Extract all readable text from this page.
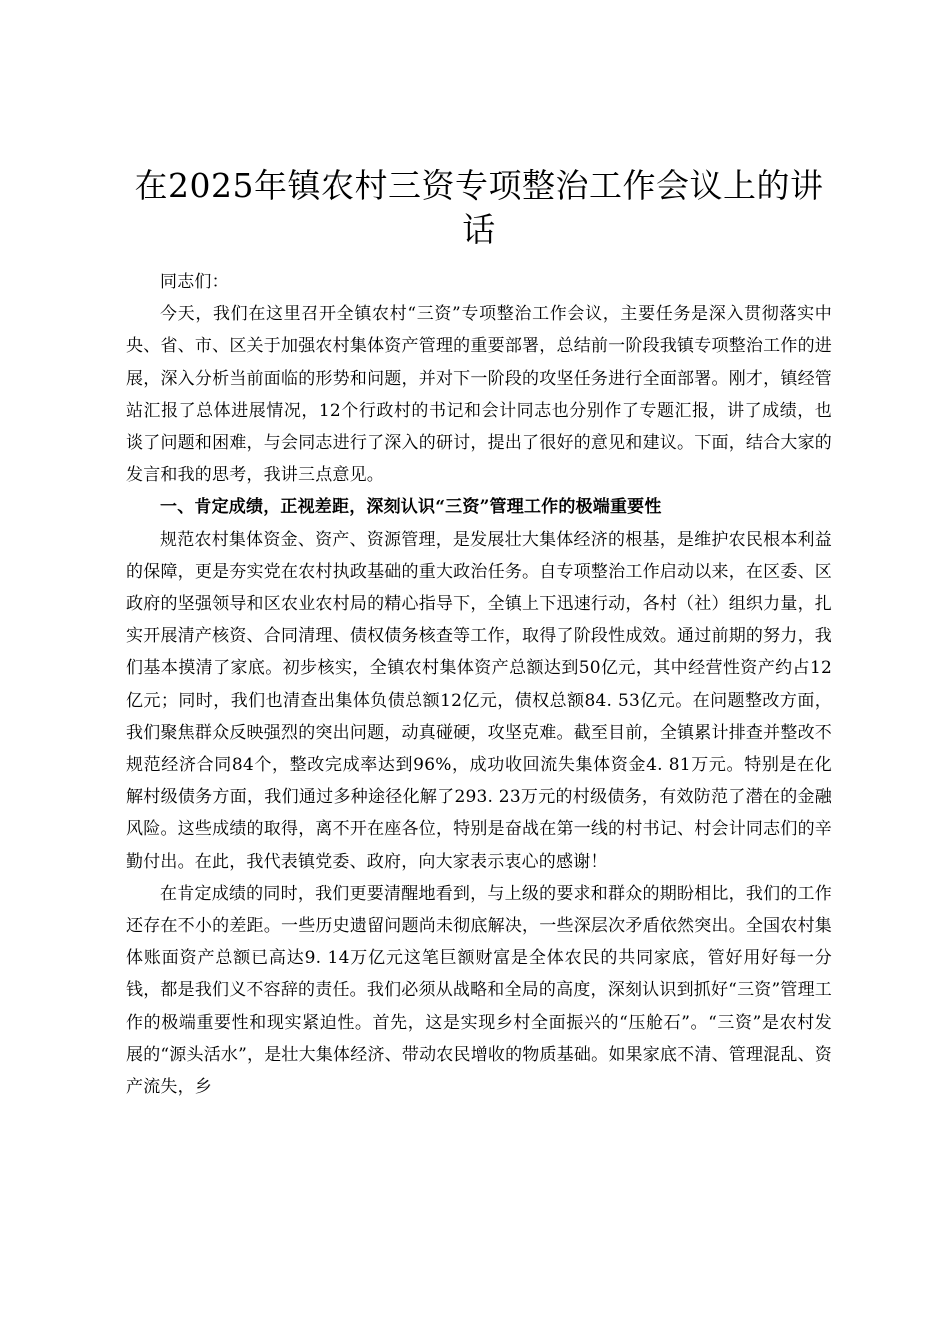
在2025年镇农村三资专项整治工作会议上的讲话

同志们：

今天，我们在这里召开全镇农村“三资”专项整治工作会议，主要任务是深入贯彻落实中央、省、市、区关于加强农村集体资产管理的重要部署，总结前一阶段我镇专项整治工作的进展，深入分析当前面临的形势和问题，并对下一阶段的攻坚任务进行全面部署。刚才，镇经管站汇报了总体进展情况，12个行政村的书记和会计同志也分别作了专题汇报，讲了成绩，也谈了问题和困难，与会同志进行了深入的研讨，提出了很好的意见和建议。下面，结合大家的发言和我的思考，我讲三点意见。

一、肯定成绩，正视差距，深刻认识“三资”管理工作的极端重要性

规范农村集体资金、资产、资源管理，是发展壮大集体经济的根基，是维护农民根本利益的保障，更是夯实党在农村执政基础的重大政治任务。自专项整治工作启动以来，在区委、区政府的坚强领导和区农业农村局的精心指导下，全镇上下迅速行动，各村（社）组织力量，扎实开展清产核资、合同清理、债权债务核查等工作，取得了阶段性成效。通过前期的努力，我们基本摸清了家底。初步核实，全镇农村集体资产总额达到50亿元，其中经营性资产约占12亿元；同时，我们也清查出集体负债总额12亿元，债权总额84. 53亿元。在问题整改方面，我们聚焦群众反映强烈的突出问题，动真碰硬，攻坚克难。截至目前，全镇累计排查并整改不规范经济合同84个，整改完成率达到96%，成功收回流失集体资金4. 81万元。特别是在化解村级债务方面，我们通过多种途径化解了293. 23万元的村级债务，有效防范了潜在的金融风险。这些成绩的取得，离不开在座各位，特别是奋战在第一线的村书记、村会计同志们的辛勤付出。在此，我代表镇党委、政府，向大家表示衷心的感谢！

在肯定成绩的同时，我们更要清醒地看到，与上级的要求和群众的期盼相比，我们的工作还存在不小的差距。一些历史遗留问题尚未彻底解决，一些深层次矛盾依然突出。全国农村集体账面资产总额已高达9. 14万亿元这笔巨额财富是全体农民的共同家底，管好用好每一分钱，都是我们义不容辞的责任。我们必须从战略和全局的高度，深刻认识到抓好“三资”管理工作的极端重要性和现实紧迫性。首先，这是实现乡村全面振兴的“压舱石”。“三资”是农村发展的“源头活水”，是壮大集体经济、带动农民增收的物质基础。如果家底不清、管理混乱、资产流失，乡
